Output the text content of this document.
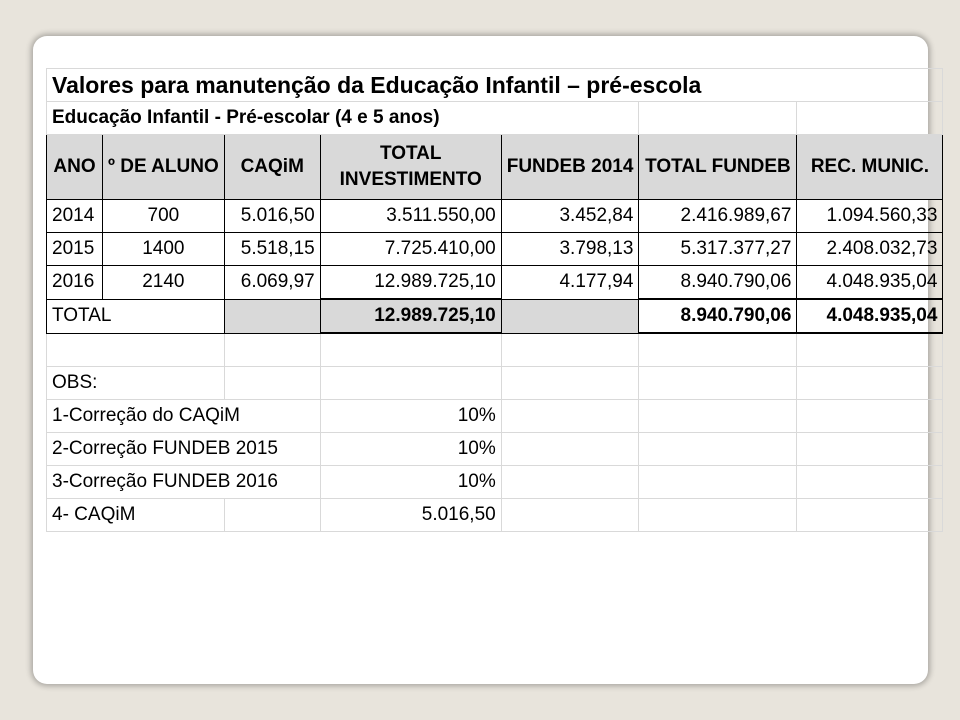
Valores para manutenção da Educação Infantil – pré-escola						
Educação Infantil - Pré-escolar (4 e 5 anos)						
ANO	º DE ALUNO	CAQiM	TOTAL INVESTIMENTO	FUNDEB 2014	TOTAL FUNDEB	REC. MUNIC.
2014	700	5.016,50	3.511.550,00	3.452,84	2.416.989,67	1.094.560,33
2015	1400	5.518,15	7.725.410,00	3.798,13	5.317.377,27	2.408.032,73
2016	2140	6.069,97	12.989.725,10	4.177,94	8.940.790,06	4.048.935,04
TOTAL			12.989.725,10		8.940.790,06	4.048.935,04

OBS:						
1-Correção do CAQiM			10%			
2-Correção FUNDEB 2015			10%			
3-Correção FUNDEB 2016			10%			
4- CAQiM			5.016,50			
